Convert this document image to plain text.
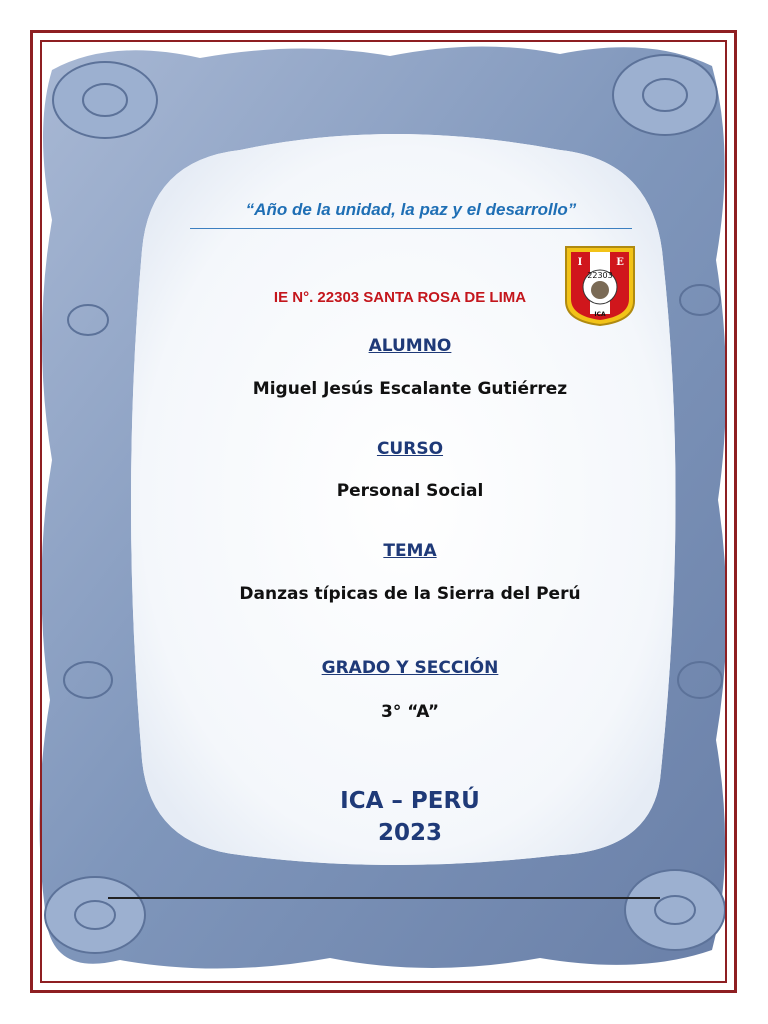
“Año de la unidad, la paz y el desarrollo”
IE N°. 22303 SANTA ROSA DE LIMA
I	E
22303
ICA
ALUMNO
Miguel Jesús Escalante Gutiérrez
CURSO
Personal Social
TEMA
Danzas típicas de la Sierra del Perú
GRADO Y SECCIÓN
3° “A”
ICA – PERÚ
2023
